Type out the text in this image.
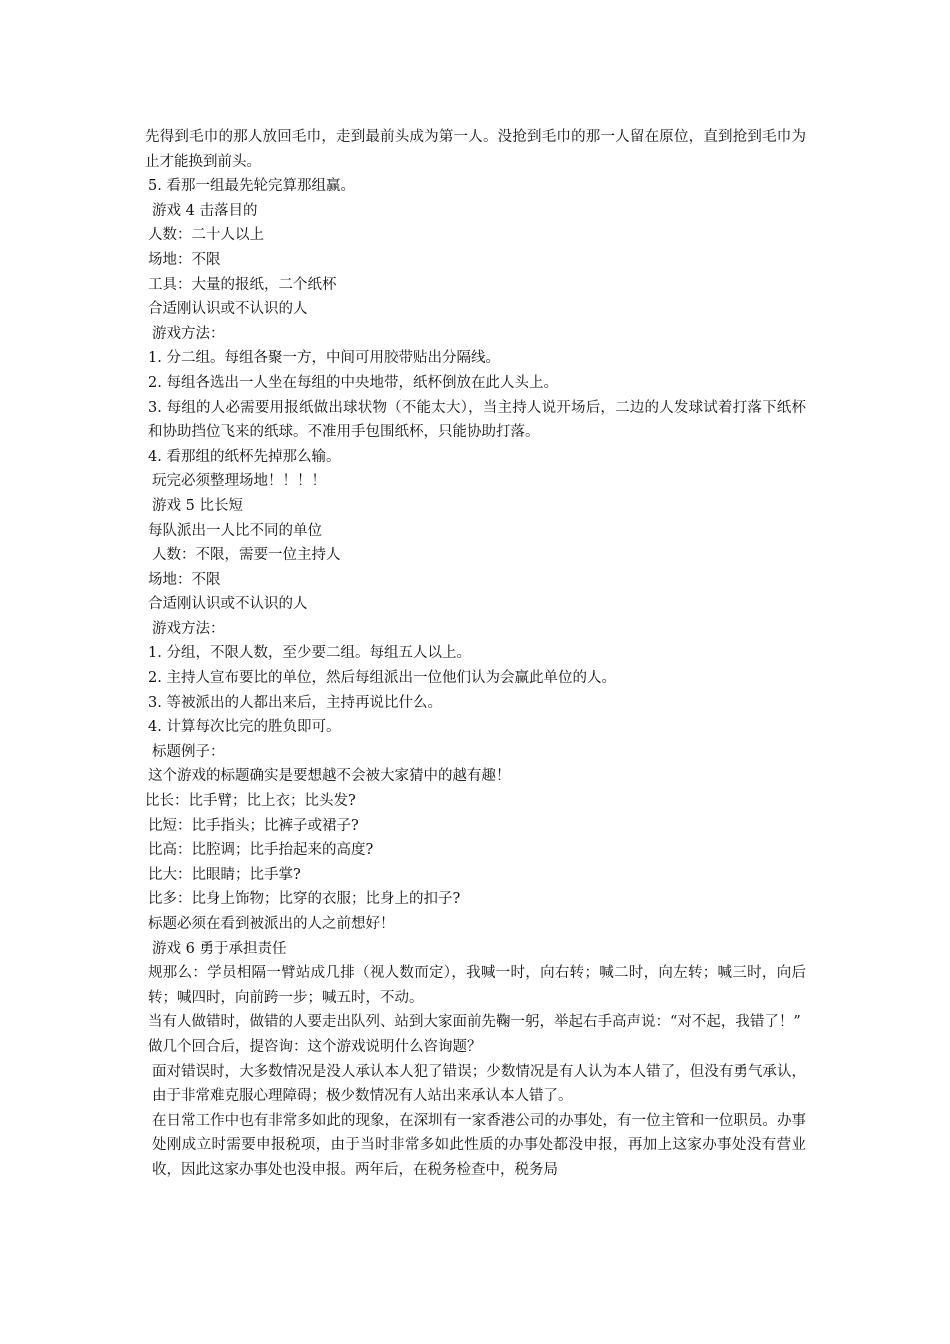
先得到毛巾的那人放回毛巾，走到最前头成为第一人。没抢到毛巾的那一人留在原位，直到抢到毛巾为止才能换到前头。

5. 看那一组最先轮完算那组赢。

游戏 4 击落目的

人数：二十人以上

场地：不限

工具：大量的报纸，二个纸杯

合适刚认识或不认识的人

游戏方法：

1. 分二组。每组各聚一方，中间可用胶带贴出分隔线。

2. 每组各选出一人坐在每组的中央地带，纸杯倒放在此人头上。

3. 每组的人必需要用报纸做出球状物（不能太大），当主持人说开场后，二边的人发球试着打落下纸杯和协助挡位飞来的纸球。不准用手包围纸杯，只能协助打落。

4. 看那组的纸杯先掉那么输。

玩完必须整理场地！！！！

游戏 5 比长短

每队派出一人比不同的单位

人数：不限，需要一位主持人

场地：不限

合适刚认识或不认识的人

游戏方法：

1. 分组，不限人数，至少要二组。每组五人以上。

2. 主持人宣布要比的单位，然后每组派出一位他们认为会赢此单位的人。

3. 等被派出的人都出来后，主持再说比什么。

4. 计算每次比完的胜负即可。

标题例子：

这个游戏的标题确实是要想越不会被大家猜中的越有趣！

比长：比手臂；比上衣；比头发?

比短：比手指头；比裤子或裙子?

比高：比腔调；比手抬起来的高度?

比大：比眼睛；比手掌?

比多：比身上饰物；比穿的衣服；比身上的扣子?

标题必须在看到被派出的人之前想好！

游戏 6 勇于承担责任

规那么：学员相隔一臂站成几排（视人数而定），我喊一时，向右转；喊二时，向左转；喊三时，向后转；喊四时，向前跨一步；喊五时，不动。

当有人做错时，做错的人要走出队列、站到大家面前先鞠一躬，举起右手高声说：“对不起，我错了！”

做几个回合后，提咨询：这个游戏说明什么咨询题？

面对错误时，大多数情况是没人承认本人犯了错误；少数情况是有人认为本人错了，但没有勇气承认，由于非常难克服心理障碍；极少数情况有人站出来承认本人错了。

在日常工作中也有非常多如此的现象，在深圳有一家香港公司的办事处，有一位主管和一位职员。办事处刚成立时需要申报税项，由于当时非常多如此性质的办事处都没申报，再加上这家办事处没有营业收，因此这家办事处也没申报。两年后，在税务检查中，税务局
